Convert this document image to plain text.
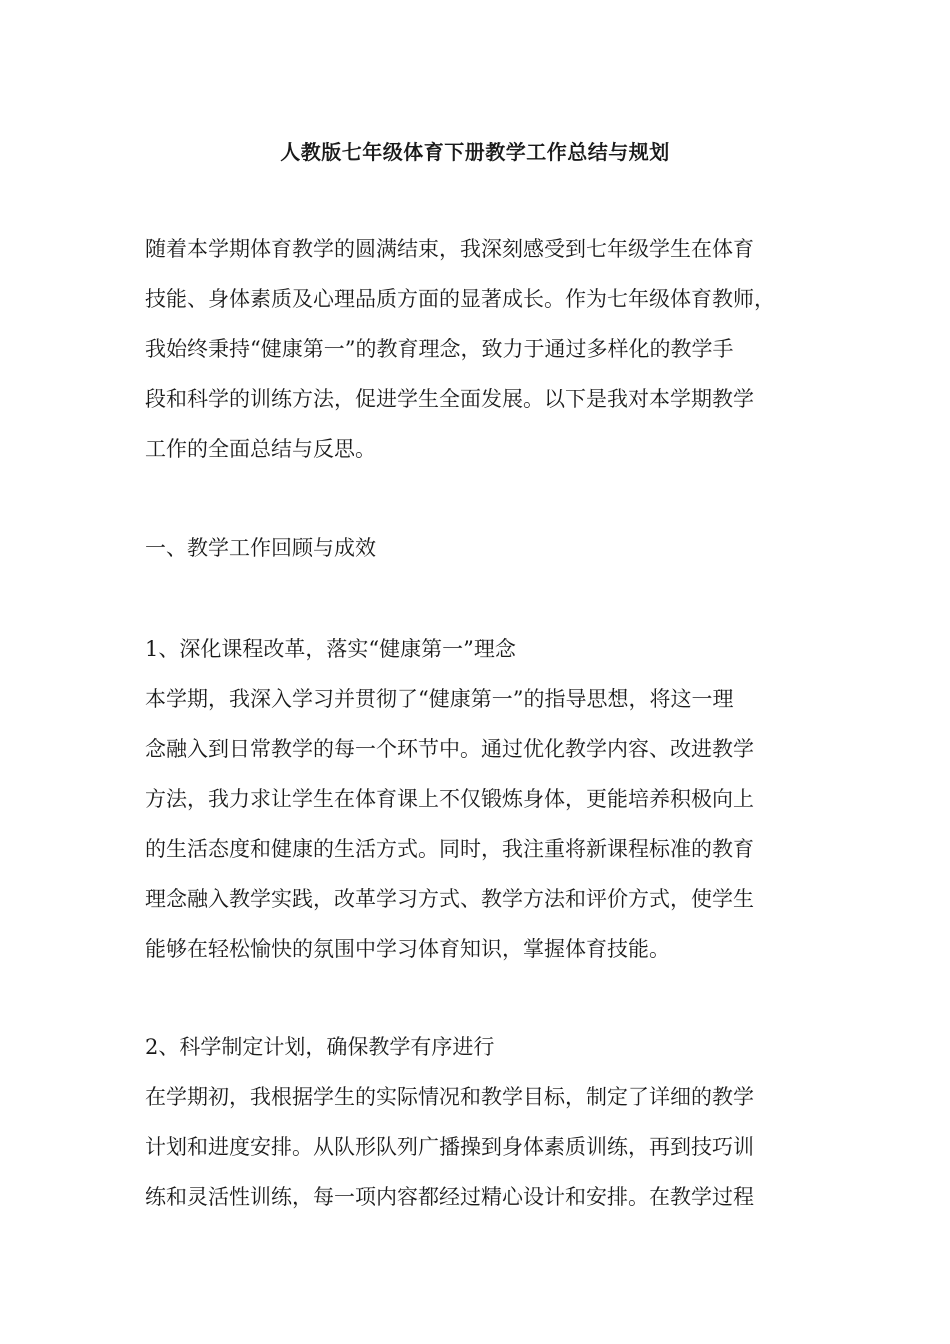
人教版七年级体育下册教学工作总结与规划
随着本学期体育教学的圆满结束，我深刻感受到七年级学生在体育
技能、身体素质及心理品质方面的显著成长。作为七年级体育教师，
我始终秉持“健康第一”的教育理念，致力于通过多样化的教学手
段和科学的训练方法，促进学生全面发展。以下是我对本学期教学
工作的全面总结与反思。
一、教学工作回顾与成效
1、深化课程改革，落实“健康第一”理念
本学期，我深入学习并贯彻了“健康第一”的指导思想，将这一理
念融入到日常教学的每一个环节中。通过优化教学内容、改进教学
方法，我力求让学生在体育课上不仅锻炼身体，更能培养积极向上
的生活态度和健康的生活方式。同时，我注重将新课程标准的教育
理念融入教学实践，改革学习方式、教学方法和评价方式，使学生
能够在轻松愉快的氛围中学习体育知识，掌握体育技能。
2、科学制定计划，确保教学有序进行
在学期初，我根据学生的实际情况和教学目标，制定了详细的教学
计划和进度安排。从队形队列广播操到身体素质训练，再到技巧训
练和灵活性训练，每一项内容都经过精心设计和安排。在教学过程
